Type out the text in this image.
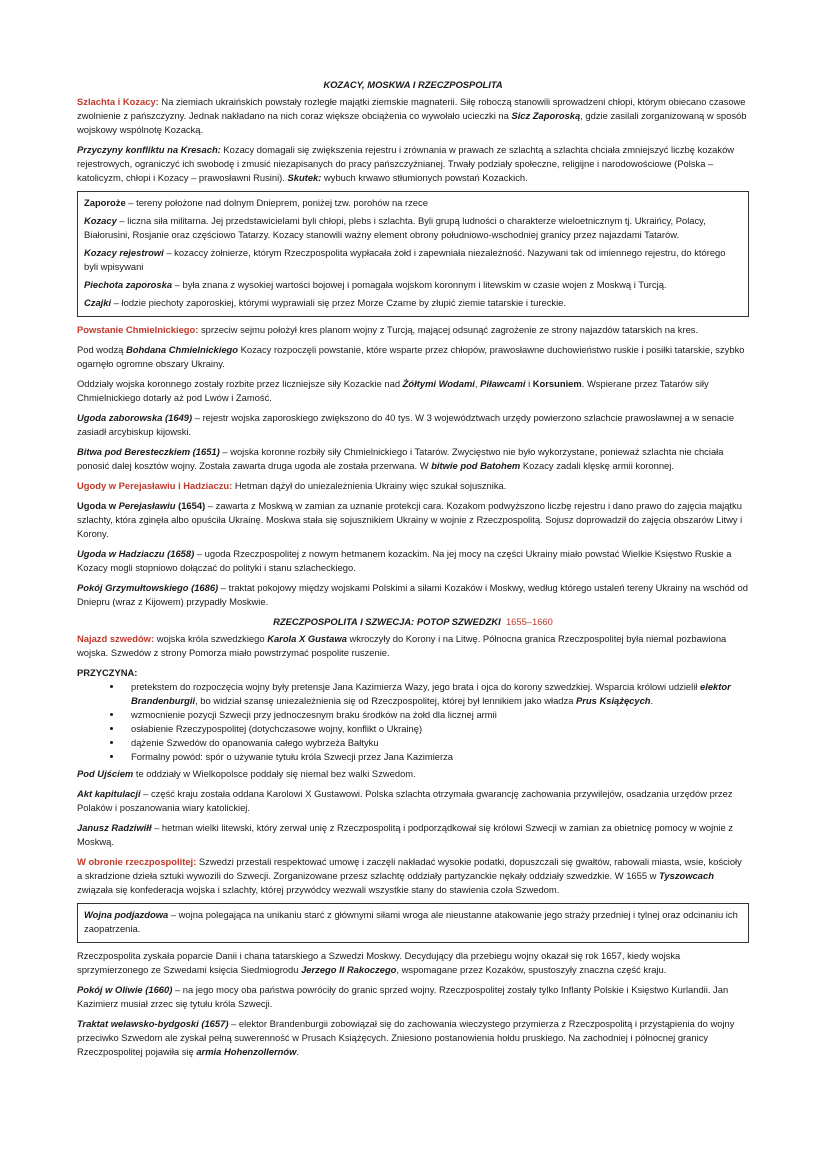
KOZACY, MOSKWA I RZECZPOSPOLITA

Szlachta i Kozacy: Na ziemiach ukraińskich powstały rozległe majątki ziemskie magnaterii. Siłę roboczą stanowili sprowadzeni chłopi, którym obiecano czasowe zwolnienie z pańszczyzny. Jednak nakładano na nich coraz większe obciążenia co wywołało ucieczki na Sicz Zaporoską, gdzie zasilali zorganizowaną w sposób wojskowy wspólnotę Kozacką.

Przyczyny konfliktu na Kresach: Kozacy domagali się zwiększenia rejestru i zrównania w prawach ze szlachtą a szlachta chciała zmniejszyć liczbę kozaków rejestrowych, ograniczyć ich swobodę i zmusić niezapisanych do pracy pańszczyźnianej. Trwały podziały społeczne, religijne i narodowościowe (Polska – katolicyzm, chłopi i Kozacy – prawosławni Rusini). Skutek: wybuch krwawo stłumionych powstań Kozackich.

Zaporoże – tereny położone nad dolnym Dnieprem, poniżej tzw. porohów na rzece

Kozacy – liczna siła militarna. Jej przedstawicielami byli chłopi, plebs i szlachta. Byli grupą ludności o charakterze wieloetnicznym tj. Ukraińcy, Polacy, Białorusini, Rosjanie oraz częściowo Tatarzy. Kozacy stanowili ważny element obrony południowo-wschodniej granicy przez najazdami Tatarów.

Kozacy rejestrowi – kozaccy żołnierze, którym Rzeczpospolita wypłacała żołd i zapewniała niezależność. Nazywani tak od imiennego rejestru, do którego byli wpisywani

Piechota zaporoska – była znana z wysokiej wartości bojowej i pomagała wojskom koronnym i litewskim w czasie wojen z Moskwą i Turcją.

Czajki – łodzie piechoty zaporoskiej, którymi wyprawiali się przez Morze Czarne by złupić ziemie tatarskie i tureckie.

Powstanie Chmielnickiego: sprzeciw sejmu położył kres planom wojny z Turcją, mającej odsunąć zagrożenie ze strony najazdów tatarskich na kres.

Pod wodzą Bohdana Chmielnickiego Kozacy rozpoczęli powstanie, które wsparte przez chłopów, prawosławne duchowieństwo ruskie i posiłki tatarskie, szybko ogarnęło ogromne obszary Ukrainy.

Oddziały wojska koronnego zostały rozbite przez liczniejsze siły Kozackie nad Żółtymi Wodami, Piławcami i Korsuniem. Wspierane przez Tatarów siły Chmielnickiego dotarły aż pod Lwów i Zamość.

Ugoda zaborowska (1649) – rejestr wojska zaporoskiego zwiększono do 40 tys. W 3 województwach urzędy powierzono szlachcie prawosławnej a w senacie zasiadł arcybiskup kijowski.

Bitwa pod Beresteczkiem (1651) – wojska koronne rozbiły siły Chmielnickiego i Tatarów. Zwycięstwo nie było wykorzystane, ponieważ szlachta nie chciała ponosić dalej kosztów wojny. Została zawarta druga ugoda ale została przerwana. W bitwie pod Batohem Kozacy zadali klęskę armii koronnej.

Ugody w Perejasławiu i Hadziaczu: Hetman dążył do uniezależnienia Ukrainy więc szukał sojusznika.

Ugoda w Perejasławiu (1654) – zawarta z Moskwą w zamian za uznanie protekcji cara. Kozakom podwyższono liczbę rejestru i dano prawo do zajęcia majątku szlachty, która zginęła albo opuściła Ukrainę. Moskwa stała się sojusznikiem Ukrainy w wojnie z Rzeczpospolitą. Sojusz doprowadził do zajęcia obszarów Litwy i Korony.

Ugoda w Hadziaczu (1658) – ugoda Rzeczpospolitej z nowym hetmanem kozackim. Na jej mocy na części Ukrainy miało powstać Wielkie Księstwo Ruskie a Kozacy mogli stopniowo dołączać do polityki i stanu szlacheckiego.

Pokój Grzymułtowskiego (1686) – traktat pokojowy między wojskami Polskimi a siłami Kozaków i Moskwy, według którego ustaleń tereny Ukrainy na wschód od Dniepru (wraz z Kijowem) przypadły Moskwie.

RZECZPOSPOLITA I SZWECJA: POTOP SZWEDZKI 1655–1660

Najazd szwedów: wojska króla szwedzkiego Karola X Gustawa wkroczyły do Korony i na Litwę. Północna granica Rzeczpospolitej była niemal pozbawiona wojska. Szwedów z strony Pomorza miało powstrzymać pospolite ruszenie.

PRZYCZYNA:
• pretekstem do rozpoczęcia wojny były pretensje Jana Kazimierza Wazy, jego brata i ojca do korony szwedzkiej. Wsparcia królowi udzielił elektor Brandenburgii, bo widział szansę uniezależnienia się od Rzeczpospolitej, której był lennikiem jako władza Prus Książęcych.
• wzmocnienie pozycji Szwecji przy jednoczesnym braku środków na żołd dla licznej armii
• osłabienie Rzeczypospolitej (dotychczasowe wojny, konflikt o Ukrainę)
• dążenie Szwedów do opanowania całego wybrzeża Bałtyku
• Formalny powód: spór o używanie tytułu króla Szwecji przez Jana Kazimierza

Pod Ujściem te oddziały w Wielkopolsce poddały się niemal bez walki Szwedom.

Akt kapitulacji – część kraju została oddana Karolowi X Gustawowi. Polska szlachta otrzymała gwarancję zachowania przywilejów, osadzania urzędów przez Polaków i poszanowania wiary katolickiej.

Janusz Radziwiłł – hetman wielki litewski, który zerwał unię z Rzeczpospolitą i podporządkował się królowi Szwecji w zamian za obietnicę pomocy w wojnie z Moskwą.

W obronie rzeczpospolitej: Szwedzi przestali respektować umowę i zaczęli nakładać wysokie podatki, dopuszczali się gwałtów, rabowali miasta, wsie, kościoły a skradzione dzieła sztuki wywozili do Szwecji. Zorganizowane przesz szlachtę oddziały partyzanckie nękały oddziały szwedzkie. W 1655 w Tyszowcach związała się konfederacja wojska i szlachty, której przywódcy wezwali wszystkie stany do stawienia czoła Szwedom.

Wojna podjazdowa – wojna polegająca na unikaniu starć z głównymi siłami wroga ale nieustanne atakowanie jego straży przedniej i tylnej oraz odcinaniu ich zaopatrzenia.

Rzeczpospolita zyskała poparcie Danii i chana tatarskiego a Szwedzi Moskwy. Decydujący dla przebiegu wojny okazał się rok 1657, kiedy wojska sprzymierzonego ze Szwedami księcia Siedmiogrodu Jerzego II Rakoczego, wspomagane przez Kozaków, spustoszyły znaczna część kraju.

Pokój w Oliwie (1660) – na jego mocy oba państwa powróciły do granic sprzed wojny. Rzeczpospolitej zostały tylko Inflanty Polskie i Księstwo Kurlandii. Jan Kazimierz musiał zrzec się tytułu króla Szwecji.

Traktat welawsko-bydgoski (1657) – elektor Brandenburgii zobowiązał się do zachowania wieczystego przymierza z Rzeczpospolitą i przystąpienia do wojny przeciwko Szwedom ale zyskał pełną suwerenność w Prusach Książęcych. Zniesiono postanowienia hołdu pruskiego. Na zachodniej i północnej granicy Rzeczpospolitej pojawiła się armia Hohenzollernów.
